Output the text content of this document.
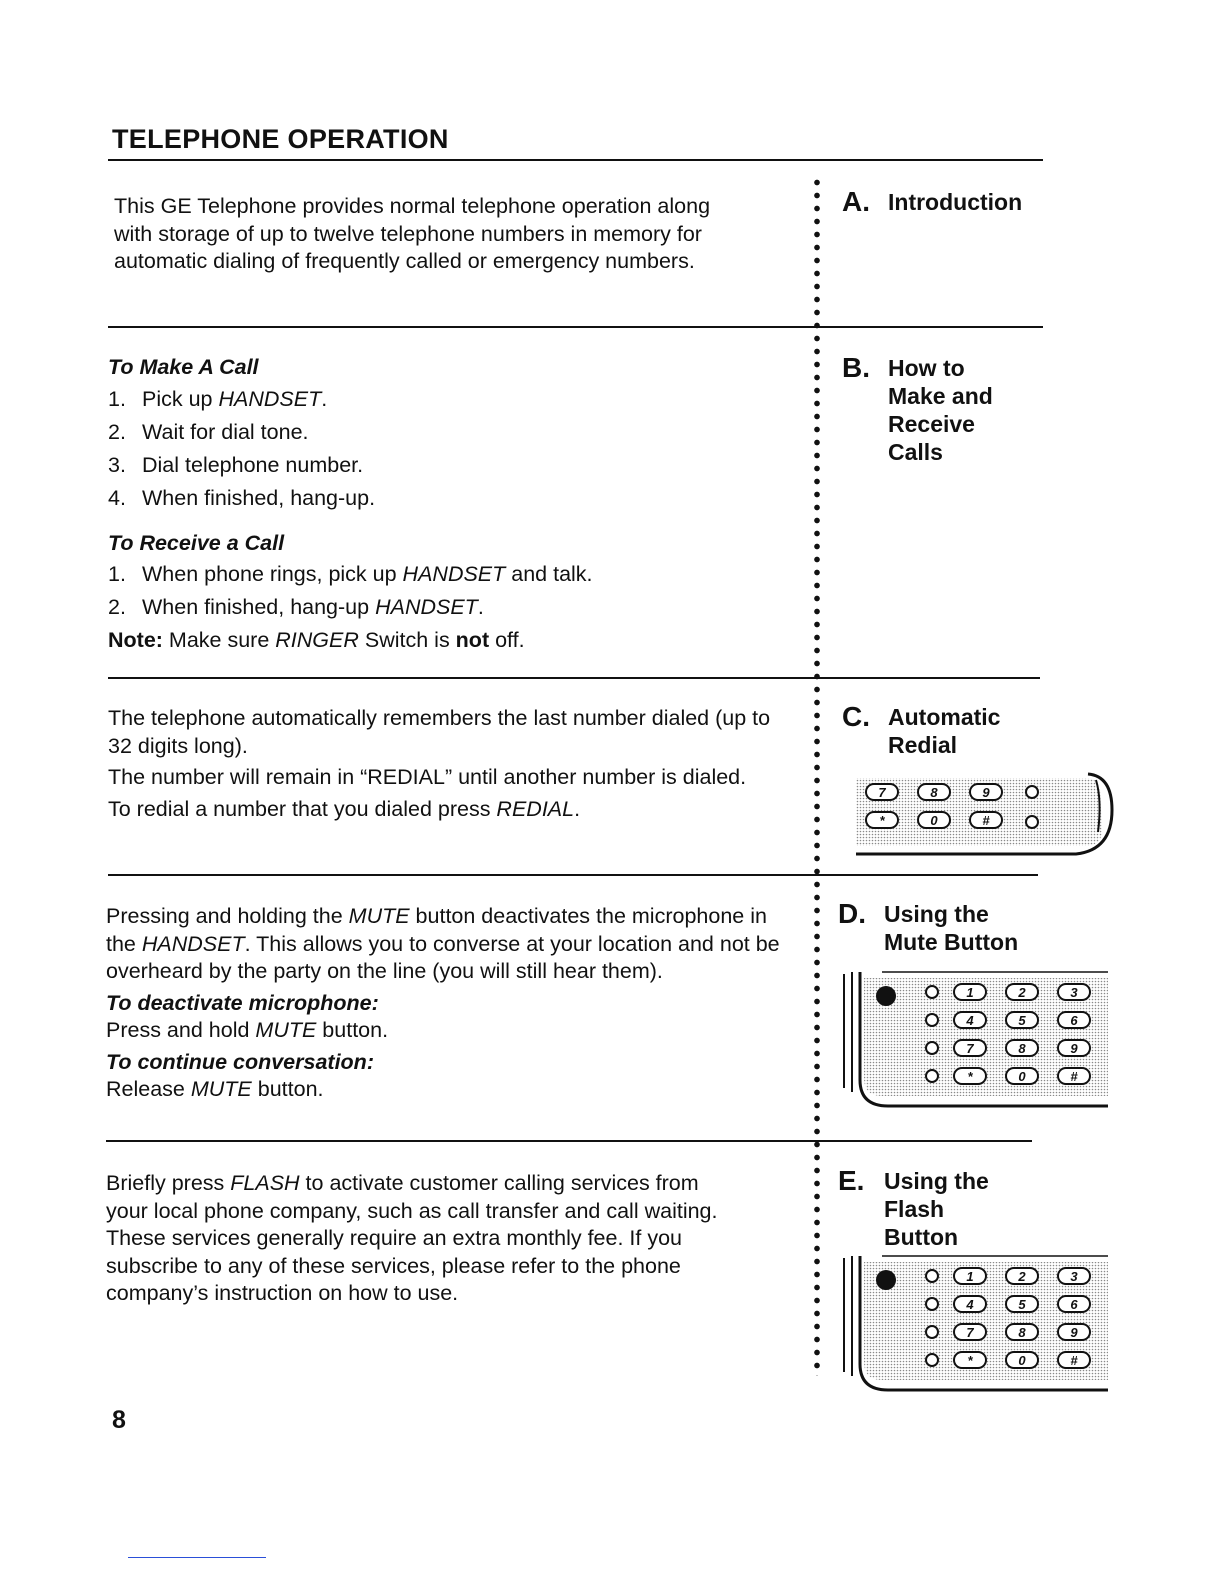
TELEPHONE OPERATION

This GE Telephone provides normal telephone operation along with storage of up to twelve telephone numbers in memory for automatic dialing of frequently called or emergency numbers.

A. Introduction

To Make A Call

1. Pick up HANDSET.
2. Wait for dial tone.
3. Dial telephone number.
4. When finished, hang-up.

To Receive a Call

1. When phone rings, pick up HANDSET and talk.
2. When finished, hang-up HANDSET.

Note: Make sure RINGER Switch is not off.

B. How to
Make and
Receive
Calls

The telephone automatically remembers the last number dialed (up to 32 digits long).

The number will remain in “REDIAL” until another number is dialed.

To redial a number that you dialed press REDIAL.

C. Automatic
Redial
7	8	9
*	0	#

Pressing and holding the MUTE button deactivates the microphone in the HANDSET. This allows you to converse at your location and not be overheard by the party on the line (you will still hear them).

To deactivate microphone:

Press and hold MUTE button.

To continue conversation:

Release MUTE button.

D. Using the
Mute Button
1	2	3
4	5	6
7	8	9
*	0	#

Briefly press FLASH to activate customer calling services from your local phone company, such as call transfer and call waiting. These services generally require an extra monthly fee. If you subscribe to any of these services, please refer to the phone company’s instruction on how to use.

E. Using the
Flash
Button
1	2	3
4	5	6
7	8	9
*	0	#
8
